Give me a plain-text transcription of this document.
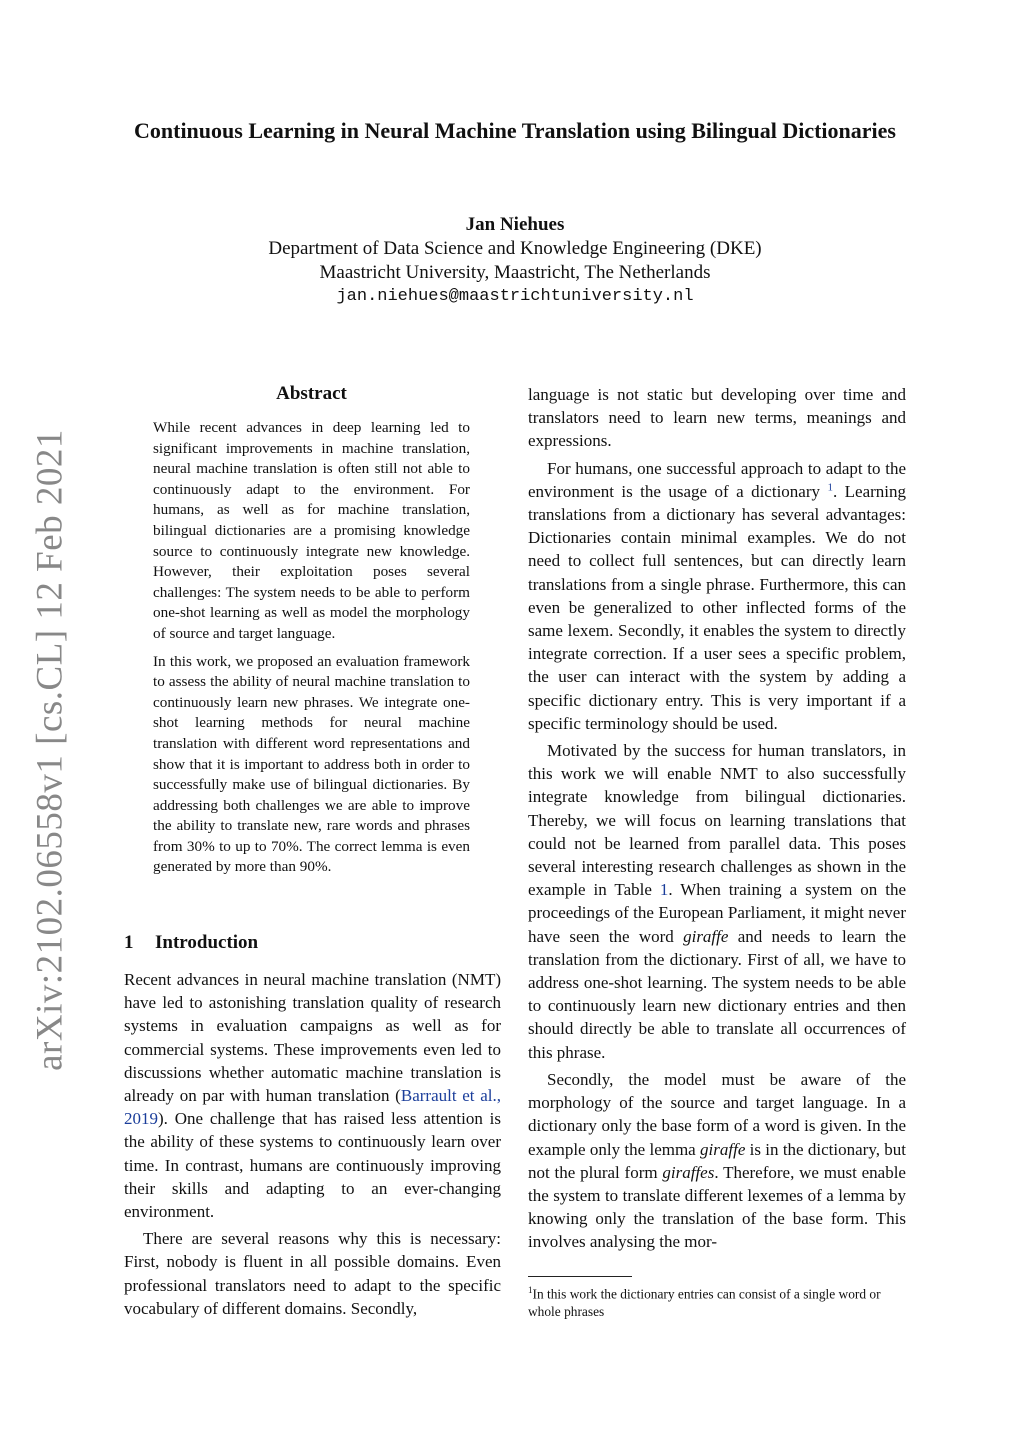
arXiv:2102.06558v1 [cs.CL] 12 Feb 2021
Continuous Learning in Neural Machine Translation using Bilingual Dictionaries
Jan Niehues
Department of Data Science and Knowledge Engineering (DKE)
Maastricht University, Maastricht, The Netherlands
jan.niehues@maastrichtuniversity.nl
Abstract

While recent advances in deep learning led to significant improvements in machine translation, neural machine translation is often still not able to continuously adapt to the environment. For humans, as well as for machine translation, bilingual dictionaries are a promising knowledge source to continuously integrate new knowledge. However, their exploitation poses several challenges: The system needs to be able to perform one-shot learning as well as model the morphology of source and target language.

In this work, we proposed an evaluation framework to assess the ability of neural machine translation to continuously learn new phrases. We integrate one-shot learning methods for neural machine translation with different word representations and show that it is important to address both in order to successfully make use of bilingual dictionaries. By addressing both challenges we are able to improve the ability to translate new, rare words and phrases from 30% to up to 70%. The correct lemma is even generated by more than 90%.

1 Introduction

Recent advances in neural machine translation (NMT) have led to astonishing translation quality of research systems in evaluation campaigns as well as for commercial systems. These improvements even led to discussions whether automatic machine translation is already on par with human translation (Barrault et al., 2019). One challenge that has raised less attention is the ability of these systems to continuously learn over time. In contrast, humans are continuously improving their skills and adapting to an ever-changing environment.

There are several reasons why this is necessary: First, nobody is fluent in all possible domains. Even professional translators need to adapt to the specific vocabulary of different domains. Secondly,

language is not static but developing over time and translators need to learn new terms, meanings and expressions.

For humans, one successful approach to adapt to the environment is the usage of a dictionary $^1$. Learning translations from a dictionary has several advantages: Dictionaries contain minimal examples. We do not need to collect full sentences, but can directly learn translations from a single phrase. Furthermore, this can even be generalized to other inflected forms of the same lexem. Secondly, it enables the system to directly integrate correction. If a user sees a specific problem, the user can interact with the system by adding a specific dictionary entry. This is very important if a specific terminology should be used.

Motivated by the success for human translators, in this work we will enable NMT to also successfully integrate knowledge from bilingual dictionaries. Thereby, we will focus on learning translations that could not be learned from parallel data. This poses several interesting research challenges as shown in the example in Table 1. When training a system on the proceedings of the European Parliament, it might never have seen the word giraffe and needs to learn the translation from the dictionary. First of all, we have to address one-shot learning. The system needs to be able to continuously learn new dictionary entries and then should directly be able to translate all occurrences of this phrase.

Secondly, the model must be aware of the morphology of the source and target language. In a dictionary only the base form of a word is given. In the example only the lemma giraffe is in the dictionary, but not the plural form giraffes. Therefore, we must enable the system to translate different lexemes of a lemma by knowing only the translation of the base form. This involves analysing the mor-

$^1$In this work the dictionary entries can consist of a single word or whole phrases
